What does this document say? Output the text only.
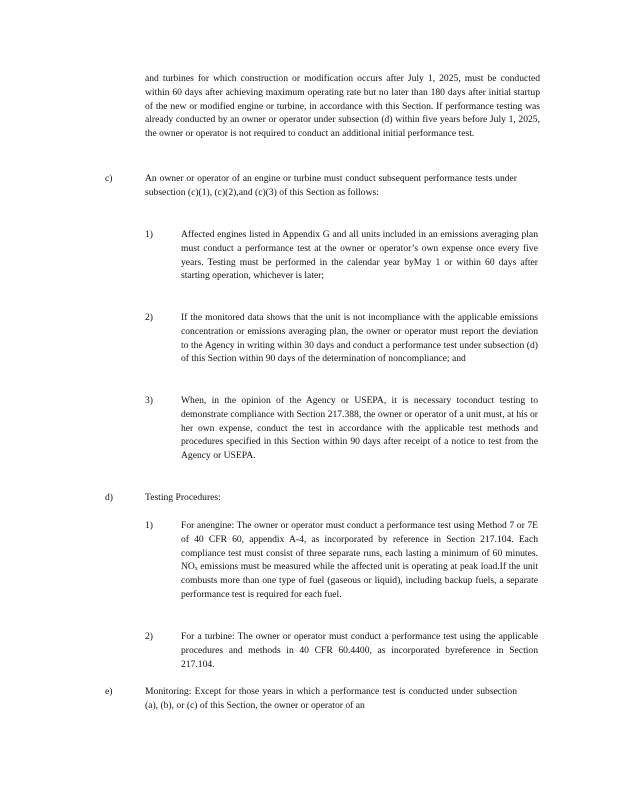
and turbines for which construction or modification occurs after July 1, 2025, must be conducted within 60 days after achieving maximum operating rate but no later than 180 days after initial startup of the new or modified engine or turbine, in accordance with this Section. If performance testing was already conducted by an owner or operator under subsection (d) within five years before July 1, 2025, the owner or operator is not required to conduct an additional initial performance test.
c)	An owner or operator of an engine or turbine must conduct subsequent performance tests under subsection (c)(1), (c)(2),and (c)(3) of this Section as follows:
1)	Affected engines listed in Appendix G and all units included in an emissions averaging plan must conduct a performance test at the owner or operator’s own expense once every five years. Testing must be performed in the calendar year byMay 1 or within 60 days after starting operation, whichever is later;
2)	If the monitored data shows that the unit is not incompliance with the applicable emissions concentration or emissions averaging plan, the owner or operator must report the deviation to the Agency in writing within 30 days and conduct a performance test under subsection (d) of this Section within 90 days of the determination of noncompliance; and
3)	When, in the opinion of the Agency or USEPA, it is necessary toconduct testing to demonstrate compliance with Section 217.388, the owner or operator of a unit must, at his or her own expense, conduct the test in accordance with the applicable test methods and procedures specified in this Section within 90 days after receipt of a notice to test from the Agency or USEPA.
d)	Testing Procedures:
1)	For anengine: The owner or operator must conduct a performance test using Method 7 or 7E of 40 CFR 60, appendix A-4, as incorporated by reference in Section 217.104. Each compliance test must consist of three separate runs, each lasting a minimum of 60 minutes. NOₓ emissions must be measured while the affected unit is operating at peak load.If the unit combusts more than one type of fuel (gaseous or liquid), including backup fuels, a separate performance test is required for each fuel.
2)	For a turbine: The owner or operator must conduct a performance test using the applicable procedures and methods in 40 CFR 60.4400, as incorporated byreference in Section 217.104.
e)	Monitoring: Except for those years in which a performance test is conducted under subsection (a), (b), or (c) of this Section, the owner or operator of an
